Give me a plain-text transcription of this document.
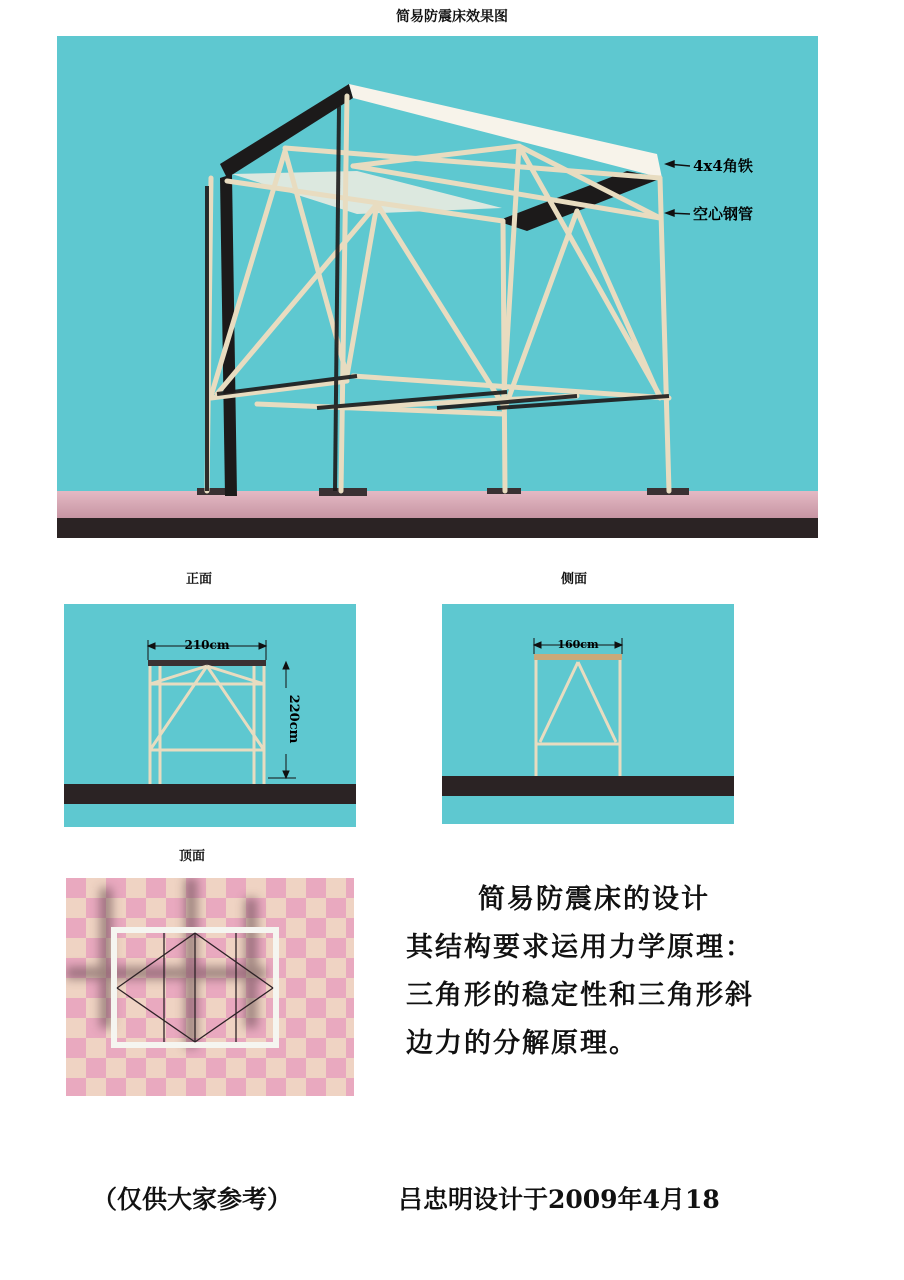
简易防震床效果图
4x4角铁
空心钢管
正面
210cm
220cm
侧面
160cm
顶面

简易防震床的设计

其结构要求运用力学原理：三角形的稳定性和三角形斜边力的分解原理。

（仅供大家参考）	吕忠明设计于2009年4月18
